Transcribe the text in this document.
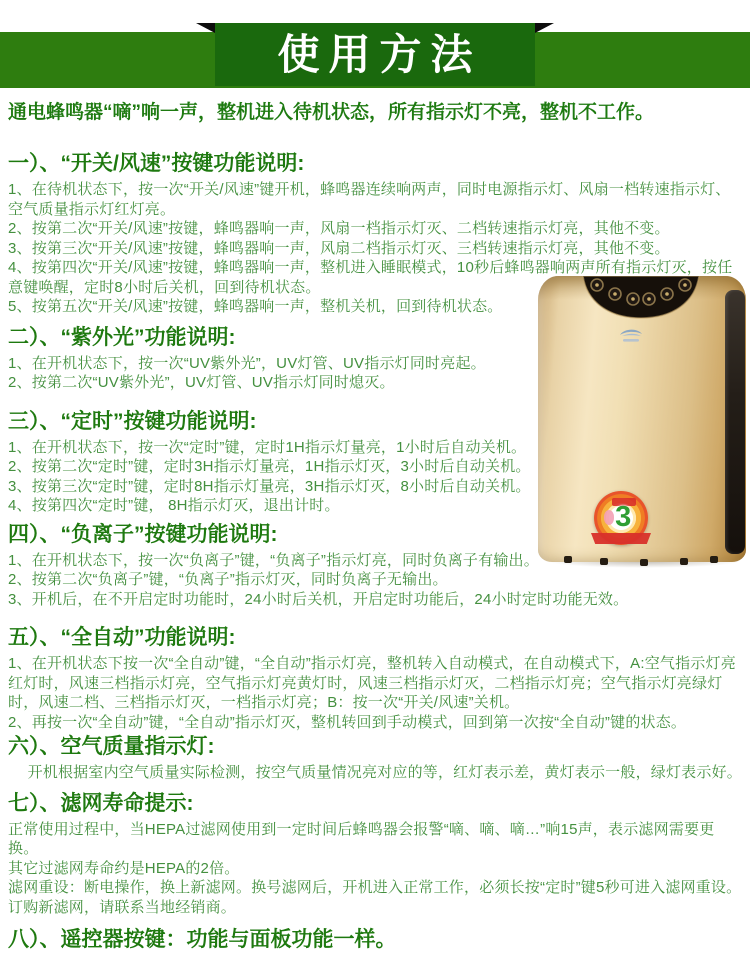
使用方法

通电蜂鸣器“嘀”响一声，整机进入待机状态，所有指示灯不亮，整机不工作。

一）、“开关/风速”按键功能说明:

1、在待机状态下，按一次“开关/风速”键开机，蜂鸣器连续响两声，同时电源指示灯、风扇一档转速指示灯、空气质量指示灯红灯亮。

2、按第二次“开关/风速”按键，蜂鸣器响一声，风扇一档指示灯灭、二档转速指示灯亮，其他不变。

3、按第三次“开关/风速”按键，蜂鸣器响一声，风扇二档指示灯灭、三档转速指示灯亮，其他不变。

4、按第四次“开关/风速”按键，蜂鸣器响一声，整机进入睡眠模式，10秒后蜂鸣器响两声所有指示灯灭，按任意键唤醒，定时8小时后关机，回到待机状态。

5、按第五次“开关/风速”按键，蜂鸣器响一声，整机关机，回到待机状态。

二）、“紫外光”功能说明:

1、在开机状态下，按一次“UV紫外光”，UV灯管、UV指示灯同时亮起。

2、按第二次“UV紫外光”，UV灯管、UV指示灯同时熄灭。

三）、“定时”按键功能说明:

1、在开机状态下，按一次“定时”键，定时1H指示灯量亮，1小时后自动关机。

2、按第二次“定时”键，定时3H指示灯量亮，1H指示灯灭，3小时后自动关机。

3、按第三次“定时”键，定时8H指示灯量亮，3H指示灯灭，8小时后自动关机。

4、按第四次“定时”键， 8H指示灯灭，退出计时。

四）、“负离子”按键功能说明:

1、在开机状态下，按一次“负离子”键，“负离子”指示灯亮，同时负离子有输出。

2、按第二次“负离子”键，“负离子”指示灯灭，同时负离子无输出。

3、开机后，在不开启定时功能时，24小时后关机，开启定时功能后，24小时定时功能无效。

五）、“全自动”功能说明:

1、在开机状态下按一次“全自动”键，“全自动”指示灯亮，整机转入自动模式，在自动模式下，A:空气指示灯亮红灯时，风速三档指示灯亮，空气指示灯亮黄灯时，风速三档指示灯灭，二档指示灯亮；空气指示灯亮绿灯时，风速二档、三档指示灯灭，一档指示灯亮；B：按一次“开关/风速”关机。

2、再按一次“全自动”键，“全自动”指示灯灭，整机转回到手动模式，回到第一次按“全自动”键的状态。

六）、空气质量指示灯:

　 开机根据室内空气质量实际检测，按空气质量情况亮对应的等，红灯表示差，黄灯表示一般，绿灯表示好。

七）、滤网寿命提示:

正常使用过程中，当HEPA过滤网使用到一定时间后蜂鸣器会报警“嘀、嘀、嘀…”响15声，表示滤网需要更换。

其它过滤网寿命约是HEPA的2倍。

滤网重设：断电操作，换上新滤网。换号滤网后，开机进入正常工作，必须长按“定时”键5秒可进入滤网重设。订购新滤网，请联系当地经销商。

八）、遥控器按键：功能与面板功能一样。
3
